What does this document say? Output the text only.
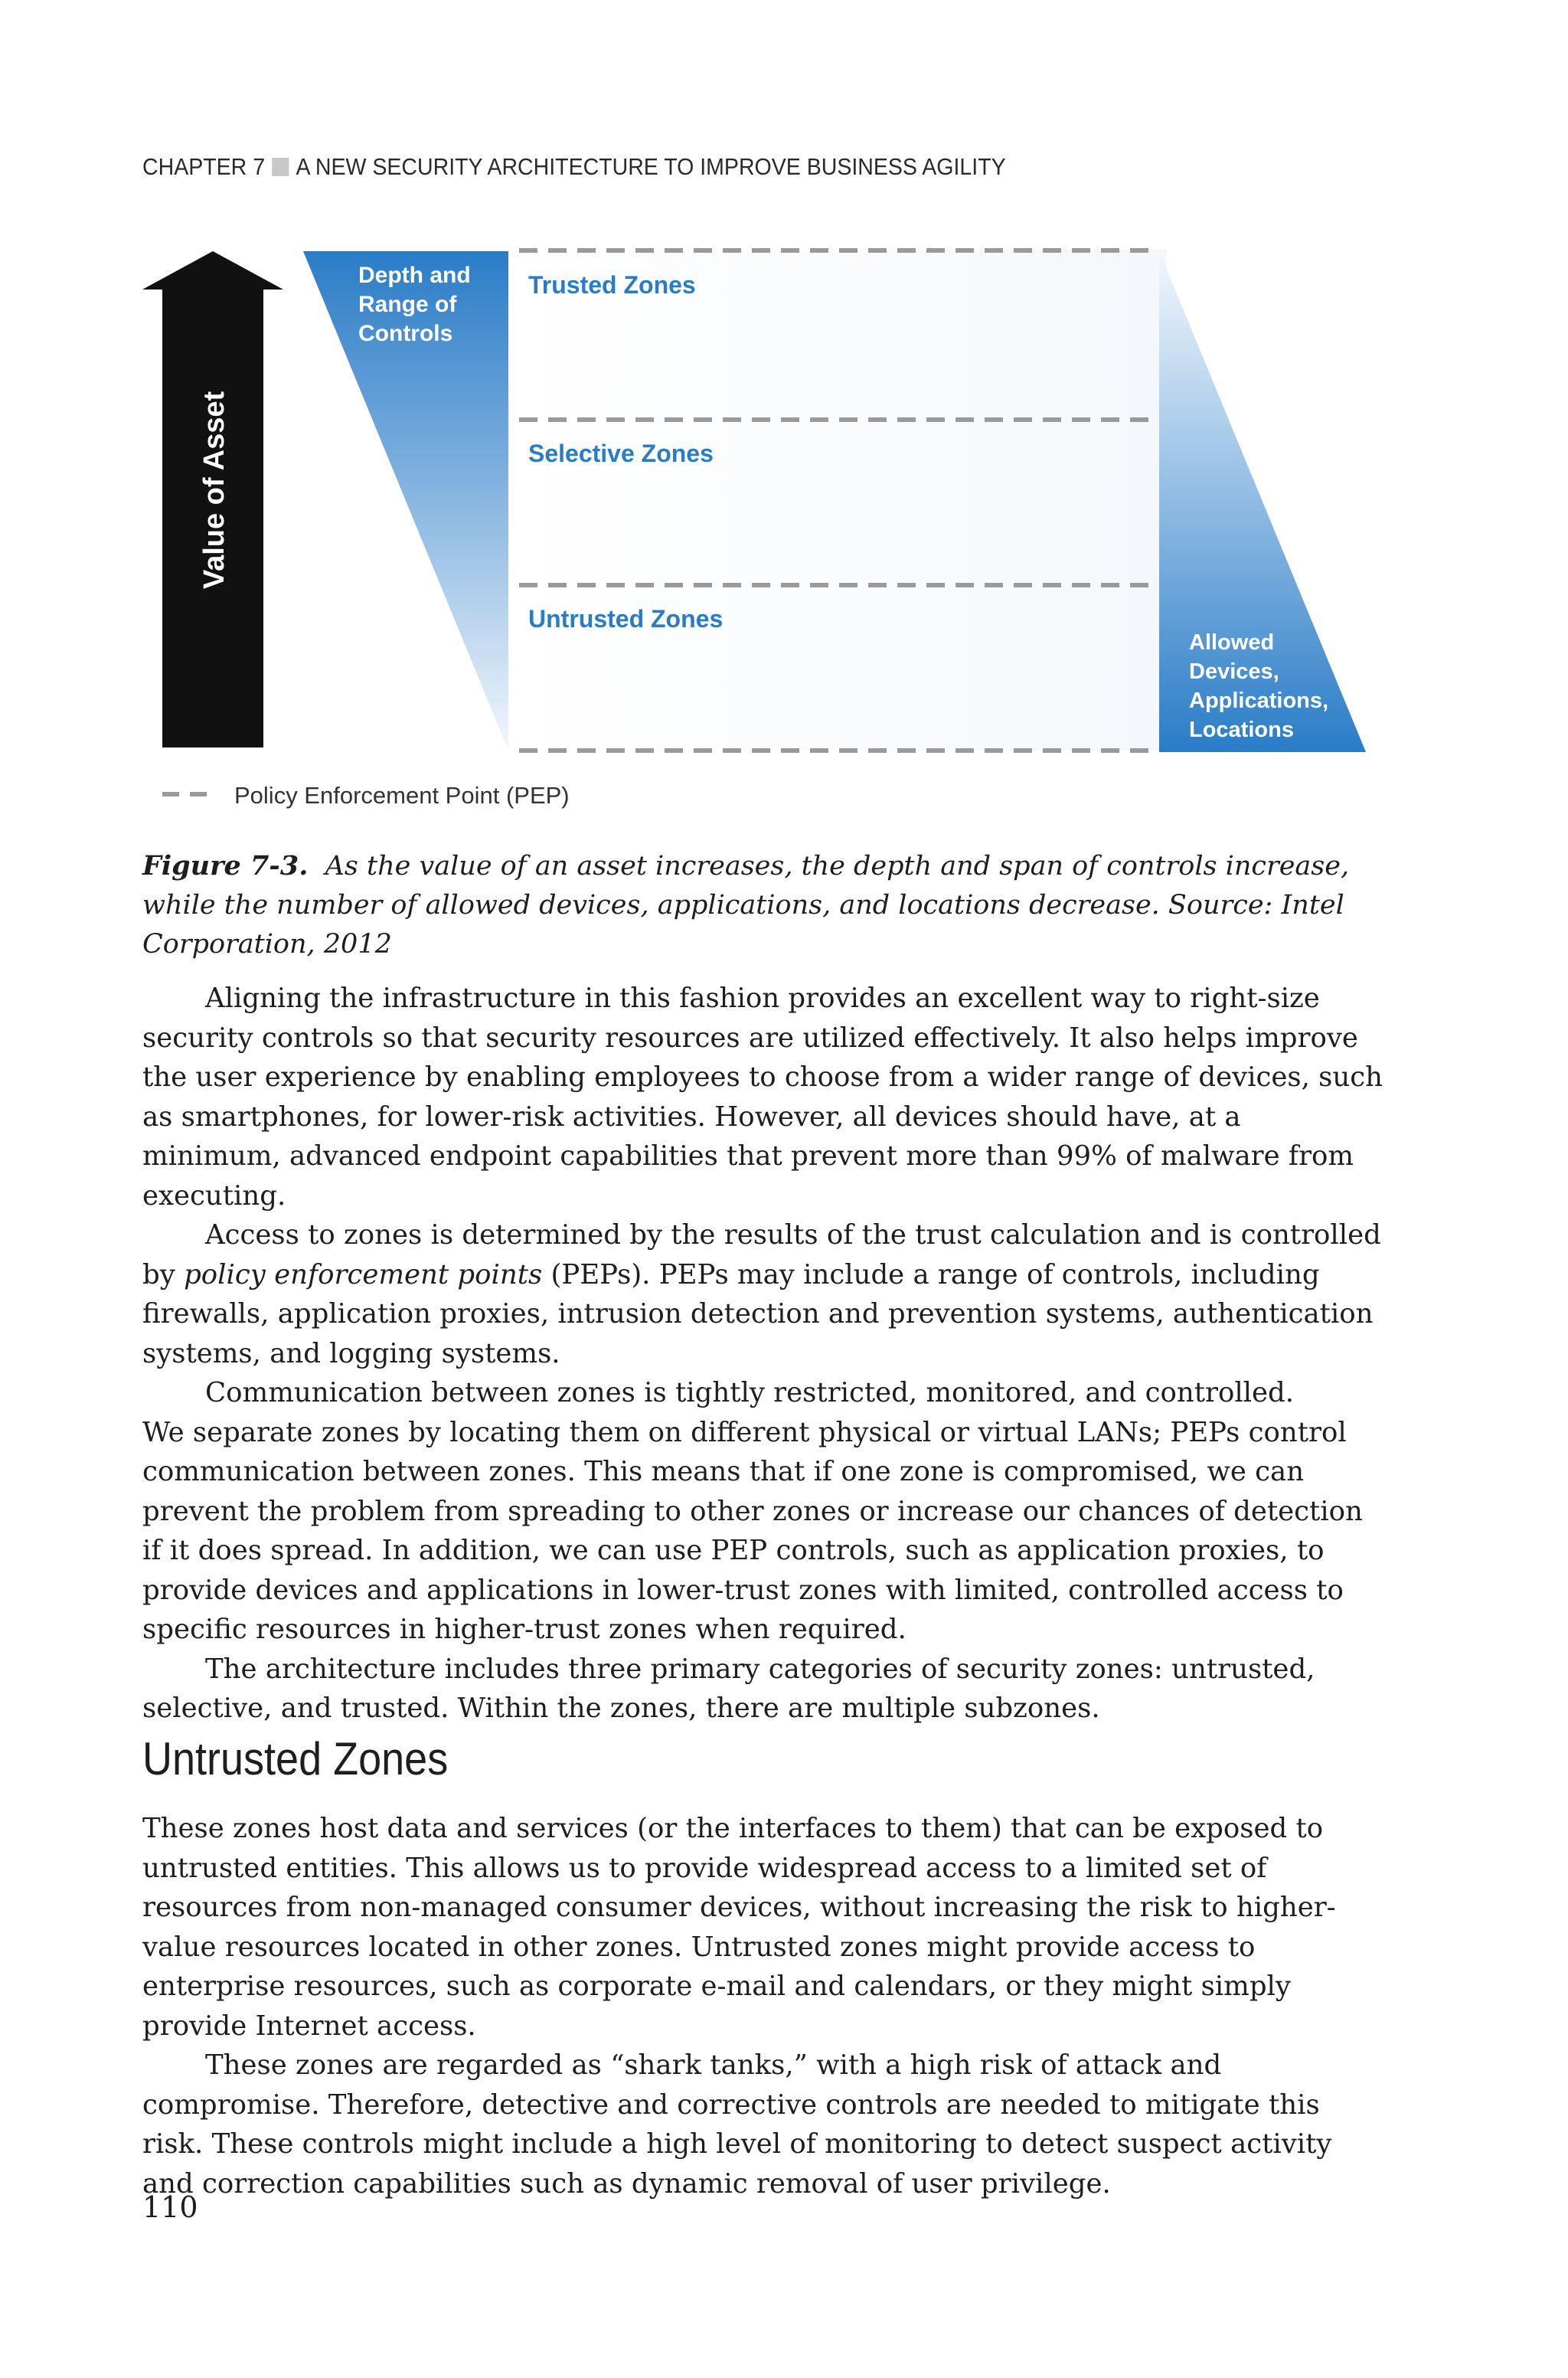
CHAPTER 7 A NEW SECURITY ARCHITECTURE TO IMPROVE BUSINESS AGILITY
Value of Asset
Depth and
Range of
Controls
Allowed
Devices,
Applications,
Locations
Trusted Zones
Selective Zones
Untrusted Zones
Policy Enforcement Point (PEP)
Figure 7-3. As the value of an asset increases, the depth and span of controls increase, while the number of allowed devices, applications, and locations decrease. Source: Intel Corporation, 2012

Aligning the infrastructure in this fashion provides an excellent way to right-size security controls so that security resources are utilized effectively. It also helps improve the user experience by enabling employees to choose from a wider range of devices, such as smartphones, for lower-risk activities. However, all devices should have, at a minimum, advanced endpoint capabilities that prevent more than 99% of malware from executing.

Access to zones is determined by the results of the trust calculation and is controlled by policy enforcement points (PEPs). PEPs may include a range of controls, including firewalls, application proxies, intrusion detection and prevention systems, authentication systems, and logging systems.

Communication between zones is tightly restricted, monitored, and controlled.

We separate zones by locating them on different physical or virtual LANs; PEPs control communication between zones. This means that if one zone is compromised, we can prevent the problem from spreading to other zones or increase our chances of detection if it does spread. In addition, we can use PEP controls, such as application proxies, to provide devices and applications in lower-trust zones with limited, controlled access to specific resources in higher-trust zones when required.

The architecture includes three primary categories of security zones: untrusted, selective, and trusted. Within the zones, there are multiple subzones.

Untrusted Zones

These zones host data and services (or the interfaces to them) that can be exposed to untrusted entities. This allows us to provide widespread access to a limited set of resources from non-managed consumer devices, without increasing the risk to higher-value resources located in other zones. Untrusted zones might provide access to enterprise resources, such as corporate e-mail and calendars, or they might simply provide Internet access.

These zones are regarded as “shark tanks,” with a high risk of attack and compromise. Therefore, detective and corrective controls are needed to mitigate this risk. These controls might include a high level of monitoring to detect suspect activity and correction capabilities such as dynamic removal of user privilege.

110
